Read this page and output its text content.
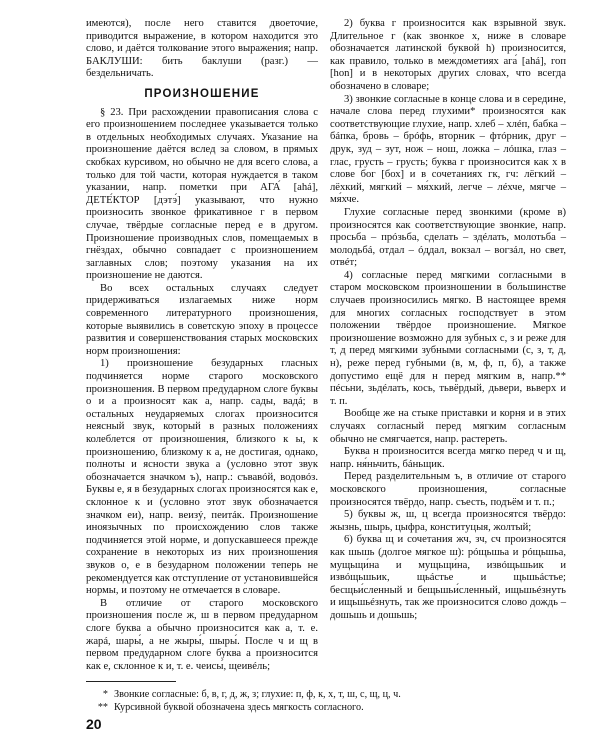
имеются), после него ставится двоеточие, приводится выражение, в котором находится это слово, и даётся толкование этого выражения; напр. БАКЛУШИ: бить баклуши (разг.) — бездельничать.

ПРОИЗНОШЕНИЕ

§ 23. При расхождении правописания слова с его произношением последнее указывается только в отдельных необходимых случаях. Указание на произношение даётся вслед за словом, в прямых скобках курсивом, но обычно не для всего слова, а только для той части, которая нуждается в таком указании, напр. пометки при АГА́ [ahá], ДЕТЕ́КТОР [дэтэ́] указывают, что нужно произносить звонкое фрикативное г в первом случае, твёрдые согласные перед е в другом. Произношение производных слов, помещаемых в гнёздах, обычно совпадает с произношением заглавных слов; поэтому указания на их произношение не даются.

Во всех остальных случаях следует придерживаться излагаемых ниже норм современного литературного произношения, которые выявились в советскую эпоху в процессе развития и совершенствования старых московских норм произношения:

1) произношение безударных гласных подчиняется норме старого московского произношения. В первом предударном слоге буквы о и а произносят как а, напр. сады, вадá; в остальных неударяемых слогах произносится неясный звук, который в разных положениях колеблется от произношения, близкого к ы, к произношению, близкому к а, не достигая, однако, полноты и ясности звука а (условно этот звук обозначается значком ъ), напр.: съвавóй, водовóз. Буквы е, я в безударных слогах произносятся как е, склонное к и (условно этот звук обозначается значком еи), напр. веизý, пеитáк. Произношение иноязычных по происхождению слов также подчиняется этой норме, и допускавшееся прежде сохранение в некоторых из них произношения звуков о, е в безударном положении теперь не рекомендуется как отступление от установившейся нормы, и поэтому не отмечается в словаре.

В отличие от старого московского произношения после ж, ш в первом предударном слоге буква а обычно произносится как а, т. е. жарá, шары́, а не жыры́, шыры́. После ч и щ в первом предударном слоге буква а произносится как е, склонное к и, т. е. чеисы́, щеивéль;

2) буква г произносится как взрывной звук. Длительное г (как звонкое х, ниже в словаре обозначается латинской буквой h) произносится, как правило, только в междометиях ага́ [ahá], гоп [hon] и в некоторых других словах, что всегда обозначено в словаре;

3) звонкие согласные в конце слова и в середине, начале слова перед глухими* произносятся как соответствующие глухие, напр. хлеб – хлéп, бабка – бáпка, бровь – брóфь, вторник – фтóрник, друг – друк, зуд – зут, нож – нош, ложка – лóшка, глаз – глас, грусть – грусть; буква г произносится как х в слове бог [бох] и в сочетаниях гк, гч: лёгкий – лёхкий, мягкий – мя́хкий, легче – лéхче, мягче – мя́хче.

Глухие согласные перед звонкими (кроме в) произносятся как соответствующие звонкие, напр. просьба – прóзьба, сделать – здéлать, молотьба – молодьбá, отдал – óддал, вокзал – вогзáл, но свет, отвéт;

4) согласные перед мягкими согласными в старом московском произношении в большинстве случаев произносились мягко. В настоящее время для многих согласных господствует в этом положении твёрдое произношение. Мягкое произношение возможно для зубных с, з и реже для т, д перед мягкими зубными согласными (с, з, т, д, н), реже перед губными (в, м, ф, п, б), а также допустимо ещё для н перед мягким в, напр.** пéсьни, зьдéлать, кось, тьвёрдый, дьвери, вьверх и т. п.

Вообще же на стыке приставки и корня и в этих случаях согласный перед мягким согласным обычно не смягчается, напр. растереть.

Буква н произносится всегда мягко перед ч и щ, напр. ня́ньчить, бáньщик.

Перед разделительным ъ, в отличие от старого московского произношения, согласные произносятся твёрдо, напр. съесть, подъём и т. п.;

5) буквы ж, ш, ц всегда произносятся твёрдо: жызнь, шырь, цыфра, конституцыя, жолтый;

6) буква щ и сочетания жч, зч, сч произносятся как шьшь (долгое мягкое ш): рóщьшьа и рóщьшьа, мущьщи́на и мущьщи́на, извóщьшьик и извóщьшьик, щьáстье и щьшьáстье; бесщьи́сленный и бещьшьи́сленный, ищьшьéзнуть и ищьшьéзнуть, так же произносится слово дождь – дошьшь и дошьшь;

* Звонкие согласные: б, в, г, д, ж, з; глухие: п, ф, к, х, т, ш, с, щ, ц, ч.

** Курсивной буквой обозначена здесь мягкость согласного.

20
